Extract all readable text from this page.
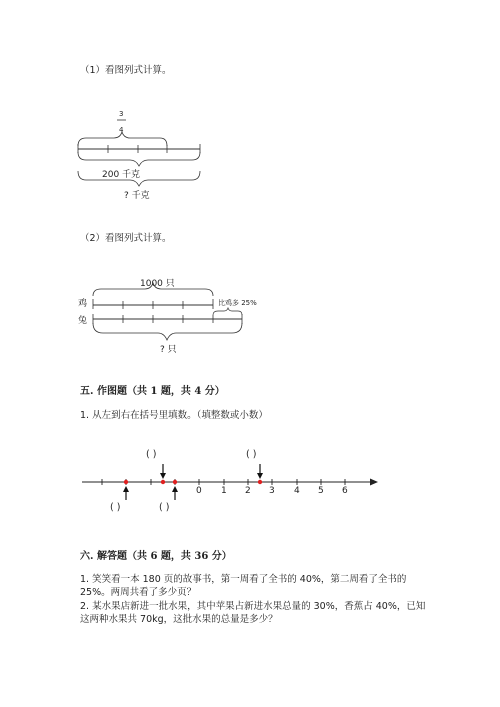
（1）看图列式计算。
3
4
200 千克
? 千克
（2）看图列式计算。
1000 只
鸡
兔
比鸡多 25%
? 只
五. 作图题（共 1 题，共 4 分）
1. 从左到右在括号里填数。（填整数或小数）
( )	( )
( )	( )
0 1 2 3 4 5 6
六. 解答题（共 6 题，共 36 分）
1. 笑笑看一本 180 页的故事书，第一周看了全书的 40%，第二周看了全书的
25%。两周共看了多少页？
2. 某水果店新进一批水果，其中苹果占新进水果总量的 30%，香蕉占 40%，已知
这两种水果共 70kg，这批水果的总量是多少？
